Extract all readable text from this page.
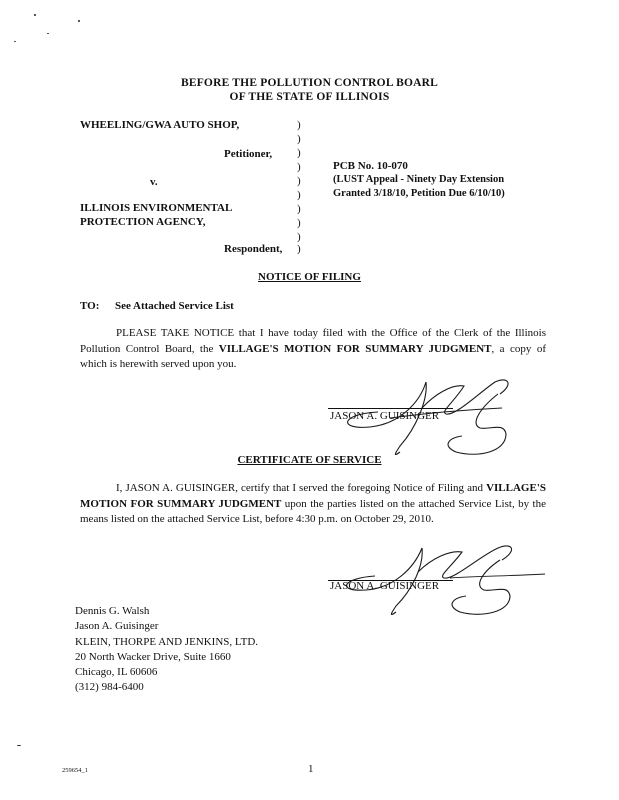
BEFORE THE POLLUTION CONTROL BOARL
OF THE STATE OF ILLINOIS
WHEELING/GWA AUTO SHOP,
Petitioner,
v.
ILLINOIS ENVIRONMENTAL
PROTECTION AGENCY,
Respondent,
)
)
)
)
)
)
)
)
)
)
PCB No. 10-070
(LUST Appeal - Ninety Day Extension
Granted 3/18/10, Petition Due 6/10/10)
NOTICE OF FILING
TO: See Attached Service List
PLEASE TAKE NOTICE that I have today filed with the Office of the Clerk of the Illinois Pollution Control Board, the VILLAGE'S MOTION FOR SUMMARY JUDGMENT, a copy of which is herewith served upon you.
JASON A. GUISINGER
CERTIFICATE OF SERVICE
I, JASON A. GUISINGER, certify that I served the foregoing Notice of Filing and VILLAGE'S MOTION FOR SUMMARY JUDGMENT upon the parties listed on the attached Service List, by the means listed on the attached Service List, before 4:30 p.m. on October 29, 2010.
JASON A. GUISINGER
Dennis G. Walsh
Jason A. Guisinger
KLEIN, THORPE AND JENKINS, LTD.
20 North Wacker Drive, Suite 1660
Chicago, IL 60606
(312) 984-6400
259654_1	1
